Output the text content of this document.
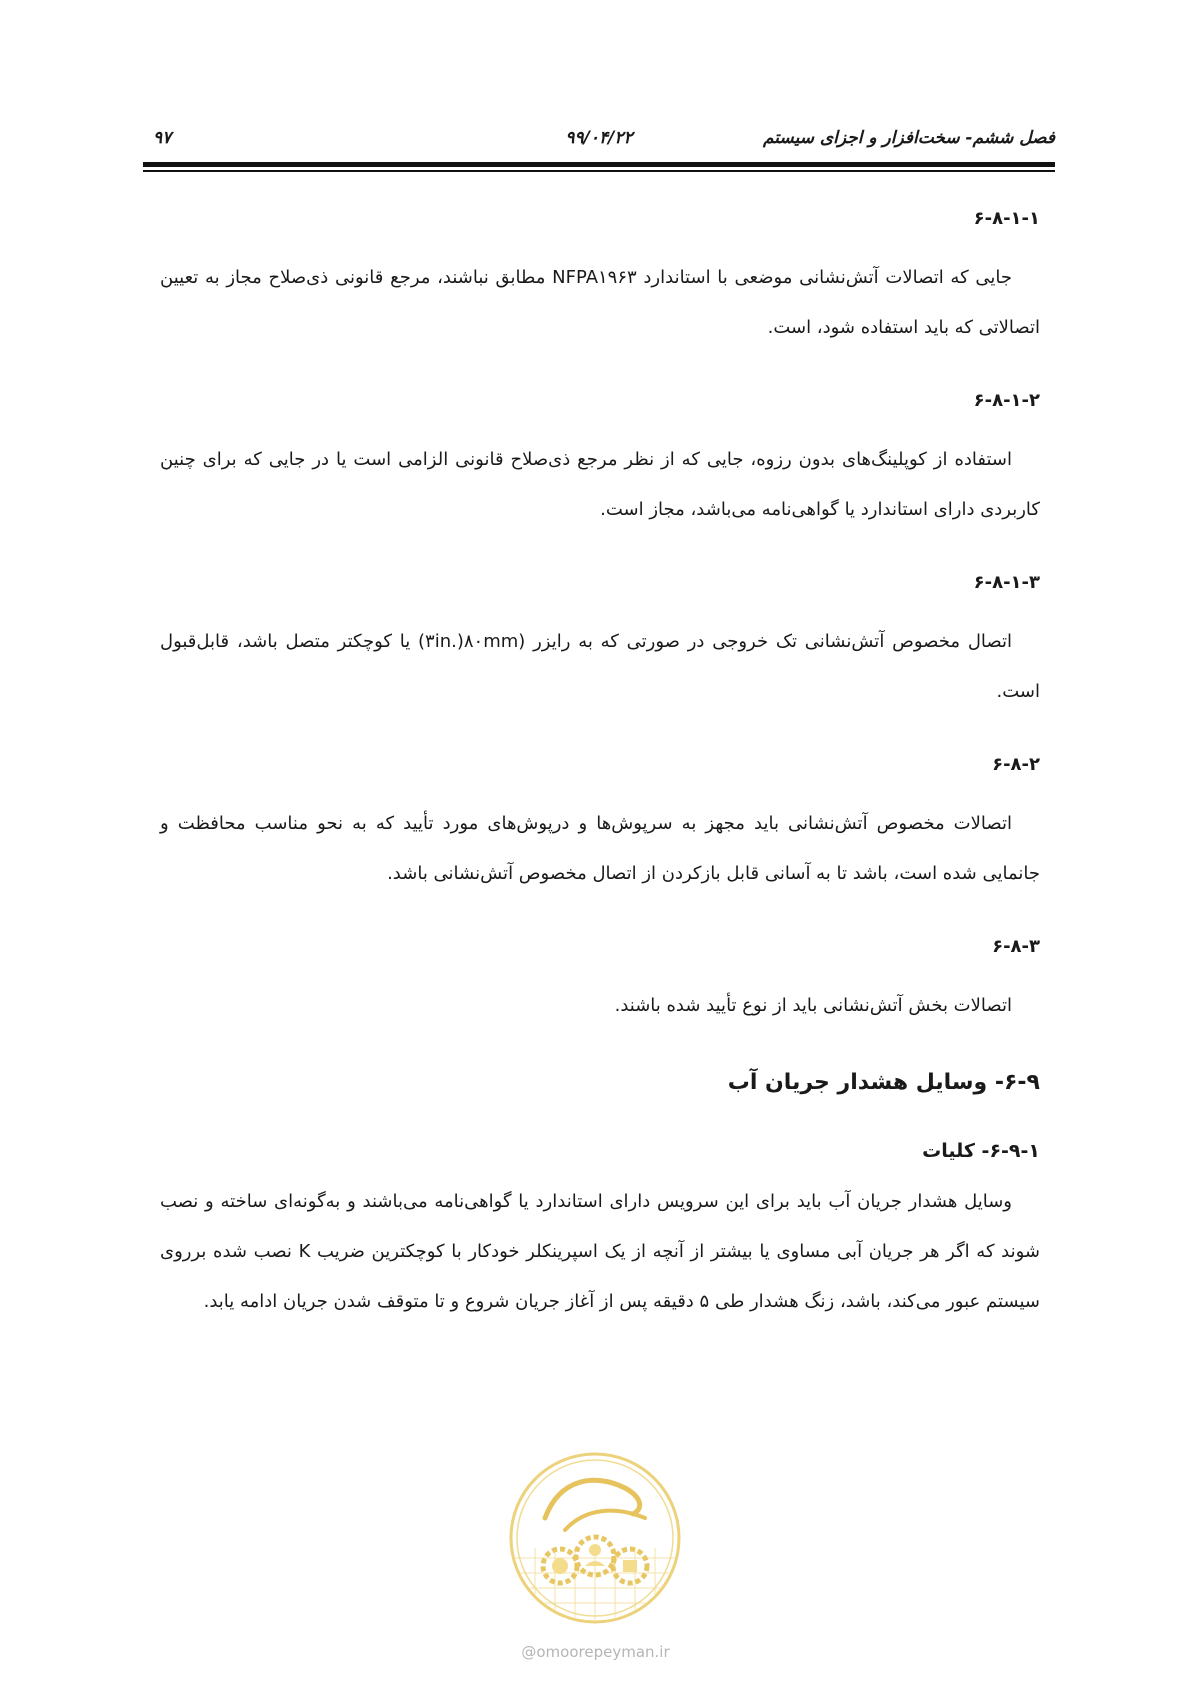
فصل ششم- سخت‌افزار و اجزای سیستم
۹۹/۰۴/۲۲
۹۷

۶-۸-۱-۱

جایی که اتصالات آتش‌نشانی موضعی با استاندارد NFPA۱۹۶۳ مطابق نباشند، مرجع قانونی ذی‌صلاح مجاز به تعیین اتصالاتی که باید استفاده شود، است.

۶-۸-۱-۲

استفاده از کوپلینگ‌های بدون رزوه، جایی که از نظر مرجع ذی‌صلاح قانونی الزامی است یا در جایی که برای چنین کاربردی دارای استاندارد یا گواهی‌نامه می‌باشد، مجاز است.

۶-۸-۱-۳

اتصال مخصوص آتش‌نشانی تک خروجی در صورتی که به رایزر ۸۰mm)‎‏(۳in.‎) یا کوچکتر متصل باشد، قابل‌قبول است.

۶-۸-۲

اتصالات مخصوص آتش‌نشانی باید مجهز به سرپوش‌ها و درپوش‌های مورد تأیید که به نحو مناسب محافظت و جانمایی شده است، باشد تا به آسانی قابل بازکردن از اتصال مخصوص آتش‌نشانی باشد.

۶-۸-۳

اتصالات بخش آتش‌نشانی باید از نوع تأیید شده باشند.

۶-۹- وسایل هشدار جریان آب

۶-۹-۱- کلیات

وسایل هشدار جریان آب باید برای این سرویس دارای استاندارد یا گواهی‌نامه می‌باشند و به‌گونه‌ای ساخته و نصب شوند که اگر هر جریان آبی مساوی یا بیشتر از آنچه از یک اسپرینکلر خودکار با کوچکترین ضریب K نصب شده برروی سیستم عبور می‌کند، باشد، زنگ هشدار طی ۵ دقیقه پس از آغاز جریان شروع و تا متوقف شدن جریان ادامه یابد.

@omoorepeyman.ir
